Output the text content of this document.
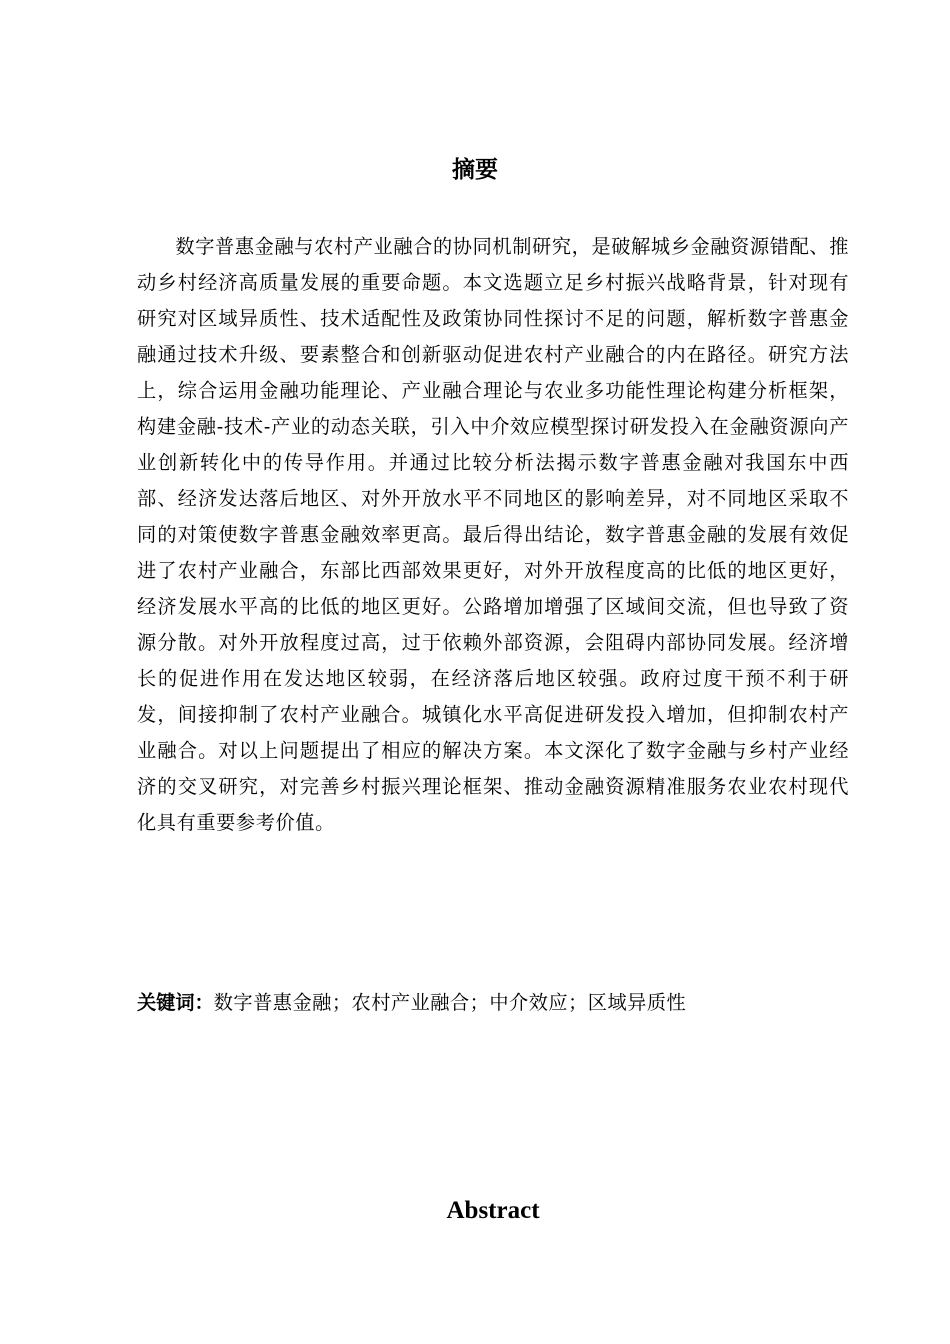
摘要

数字普惠金融与农村产业融合的协同机制研究，是破解城乡金融资源错配、推动乡村经济高质量发展的重要命题。本文选题立足乡村振兴战略背景，针对现有研究对区域异质性、技术适配性及政策协同性探讨不足的问题，解析数字普惠金融通过技术升级、要素整合和创新驱动促进农村产业融合的内在路径。研究方法上，综合运用金融功能理论、产业融合理论与农业多功能性理论构建分析框架，构建金融-技术-产业的动态关联，引入中介效应模型探讨研发投入在金融资源向产业创新转化中的传导作用。并通过比较分析法揭示数字普惠金融对我国东中西部、经济发达落后地区、对外开放水平不同地区的影响差异，对不同地区采取不同的对策使数字普惠金融效率更高。最后得出结论，数字普惠金融的发展有效促进了农村产业融合，东部比西部效果更好，对外开放程度高的比低的地区更好，经济发展水平高的比低的地区更好。公路增加增强了区域间交流，但也导致了资源分散。对外开放程度过高，过于依赖外部资源，会阻碍内部协同发展。经济增长的促进作用在发达地区较弱，在经济落后地区较强。政府过度干预不利于研发，间接抑制了农村产业融合。城镇化水平高促进研发投入增加，但抑制农村产业融合。对以上问题提出了相应的解决方案。本文深化了数字金融与乡村产业经济的交叉研究，对完善乡村振兴理论框架、推动金融资源精准服务农业农村现代化具有重要参考价值。

关键词：数字普惠金融；农村产业融合；中介效应；区域异质性

Abstract
